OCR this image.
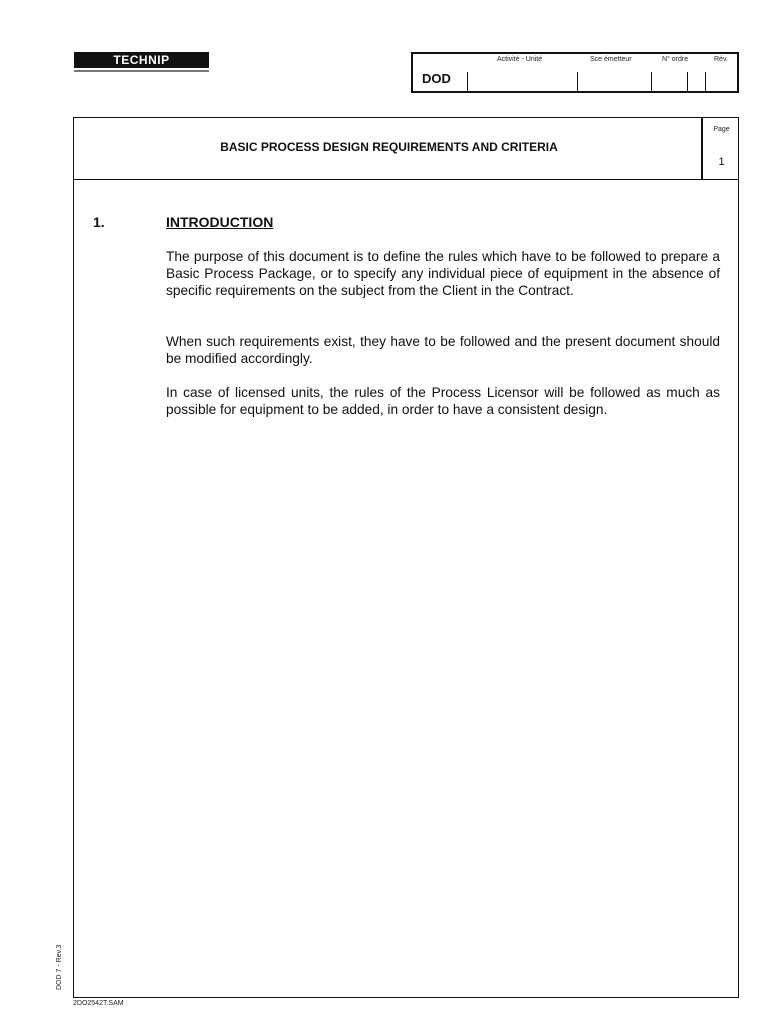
TECHNIP	Activité - Unité	Sce émetteur	N° ordre	Rév.
DOD
BASIC PROCESS DESIGN REQUIREMENTS AND CRITERIA
Page
1
1.	INTRODUCTION

The purpose of this document is to define the rules which have to be followed to prepare a Basic Process Package, or to specify any individual piece of equipment in the absence of specific requirements on the subject from the Client in the Contract.

When such requirements exist, they have to be followed and the present document should be modified accordingly.

In case of licensed units, the rules of the Process Licensor will be followed as much as possible for equipment to be added, in order to have a consistent design.

DOD 7 - Rev.3
2DO2542T.SAM
